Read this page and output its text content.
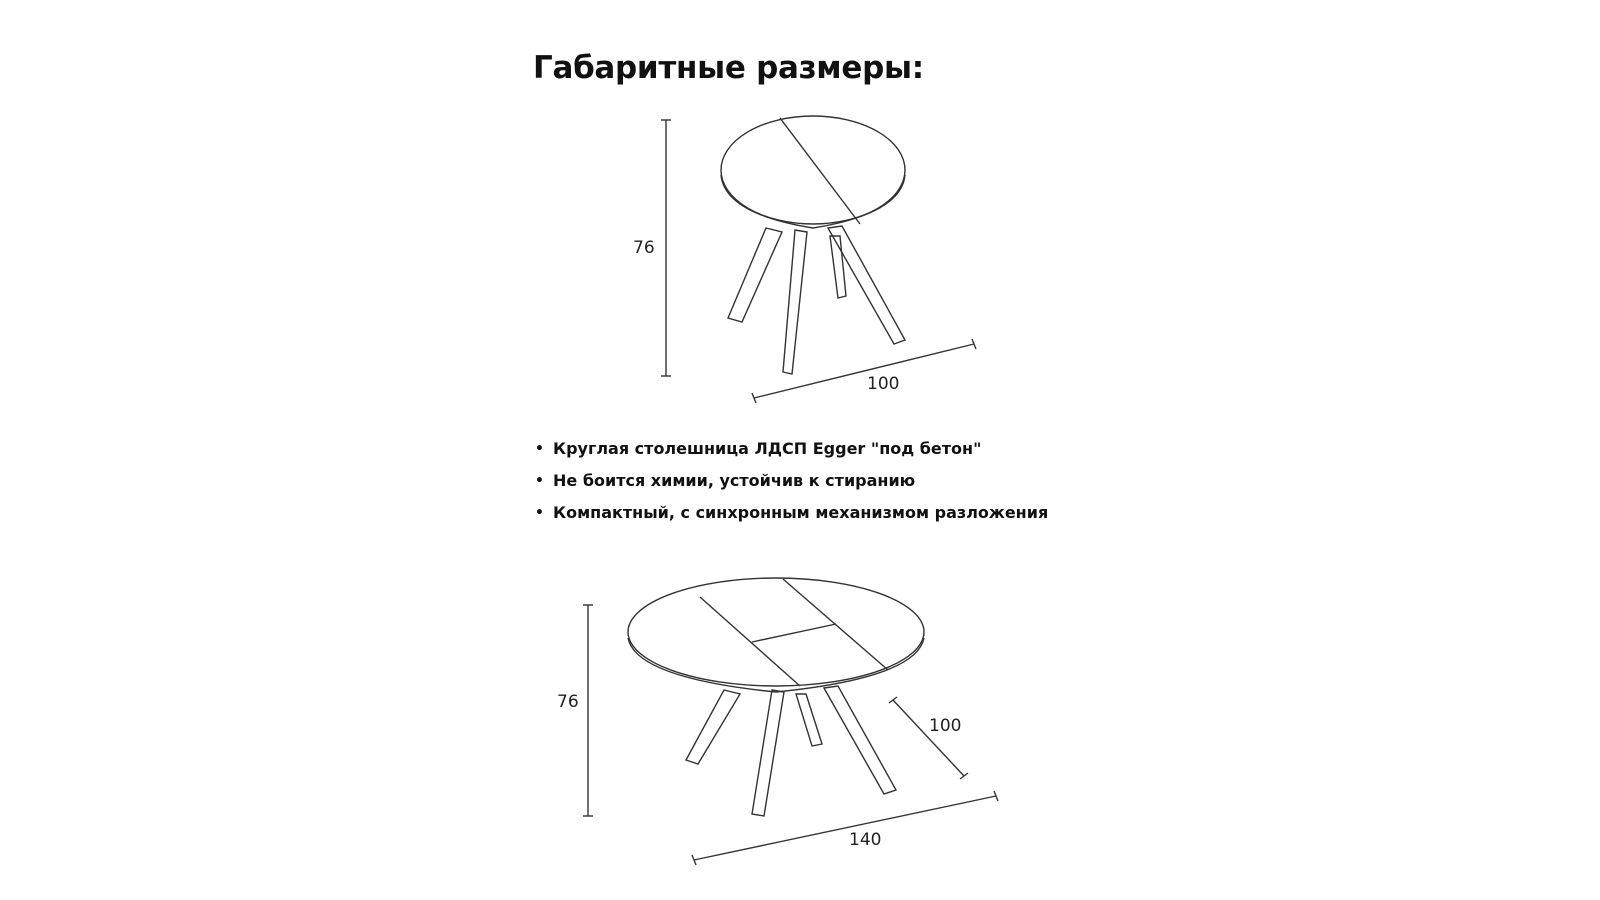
Габаритные размеры:
76
100
• Круглая столешница ЛДСП Egger "под бетон"
• Не боится химии, устойчив к стиранию
• Компактный, с синхронным механизмом разложения
76
100
140
